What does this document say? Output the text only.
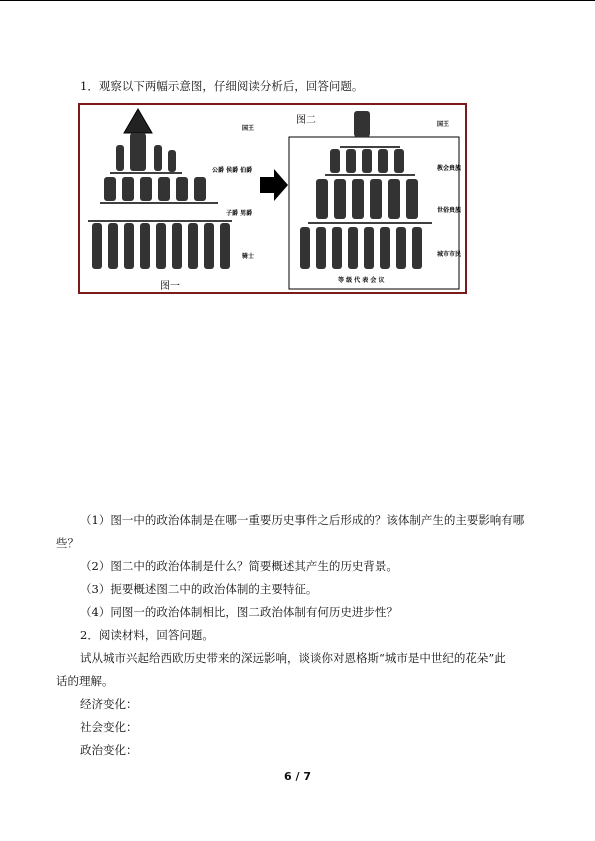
1．观察以下两幅示意图，仔细阅读分析后，回答问题。
国王
公爵 侯爵 伯爵
子爵 男爵
骑士
图一
图二	国王
教会贵族
世俗贵族
城市市民
等 级 代 表 会 议
（1）图一中的政治体制是在哪一重要历史事件之后形成的？该体制产生的主要影响有哪
些？
（2）图二中的政治体制是什么？简要概述其产生的历史背景。
（3）扼要概述图二中的政治体制的主要特征。
（4）同图一的政治体制相比，图二政治体制有何历史进步性？
2．阅读材料，回答问题。
试从城市兴起给西欧历史带来的深远影响，谈谈你对恩格斯“城市是中世纪的花朵”此
话的理解。
经济变化：
社会变化：
政治变化：
6 / 7
